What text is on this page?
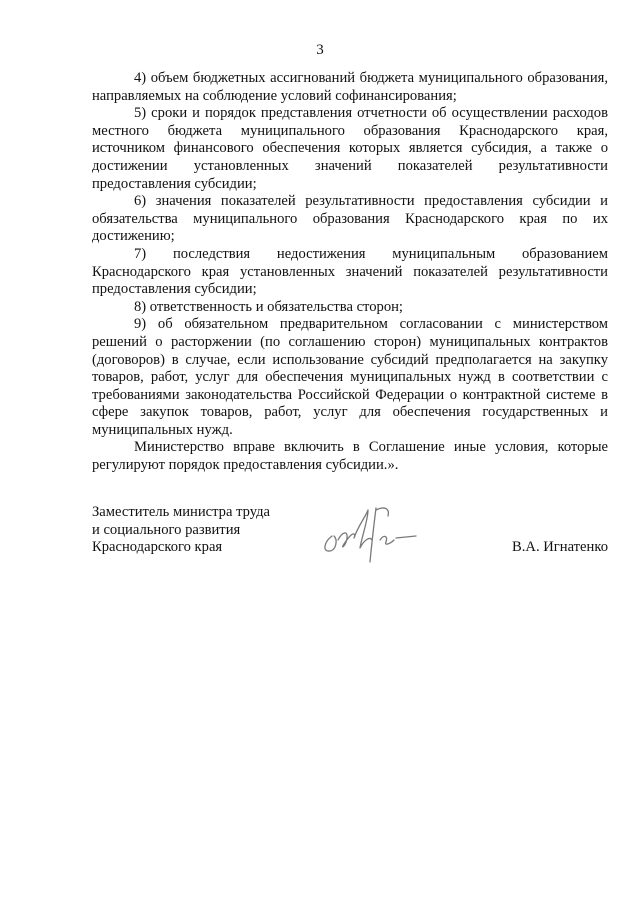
3

4) объем бюджетных ассигнований бюджета муниципального образования, направляемых на соблюдение условий софинансирования;

5) сроки и порядок представления отчетности об осуществлении расходов местного бюджета муниципального образования Краснодарского края, источником финансового обеспечения которых является субсидия, а также о достижении установленных значений показателей результативности предоставления субсидии;

6) значения показателей результативности предоставления субсидии и обязательства муниципального образования Краснодарского края по их достижению;

7) последствия недостижения муниципальным образованием Краснодарского края установленных значений показателей результативности предоставления субсидии;

8) ответственность и обязательства сторон;

9) об обязательном предварительном согласовании с министерством решений о расторжении (по соглашению сторон) муниципальных контрактов (договоров) в случае, если использование субсидий предполагается на закупку товаров, работ, услуг для обеспечения муниципальных нужд в соответствии с требованиями законодательства Российской Федерации о контрактной системе в сфере закупок товаров, работ, услуг для обеспечения государственных и муниципальных нужд.

Министерство вправе включить в Соглашение иные условия, которые регулируют порядок предоставления субсидии.».

Заместитель министра труда
и социального развития
Краснодарского края	В.А. Игнатенко
